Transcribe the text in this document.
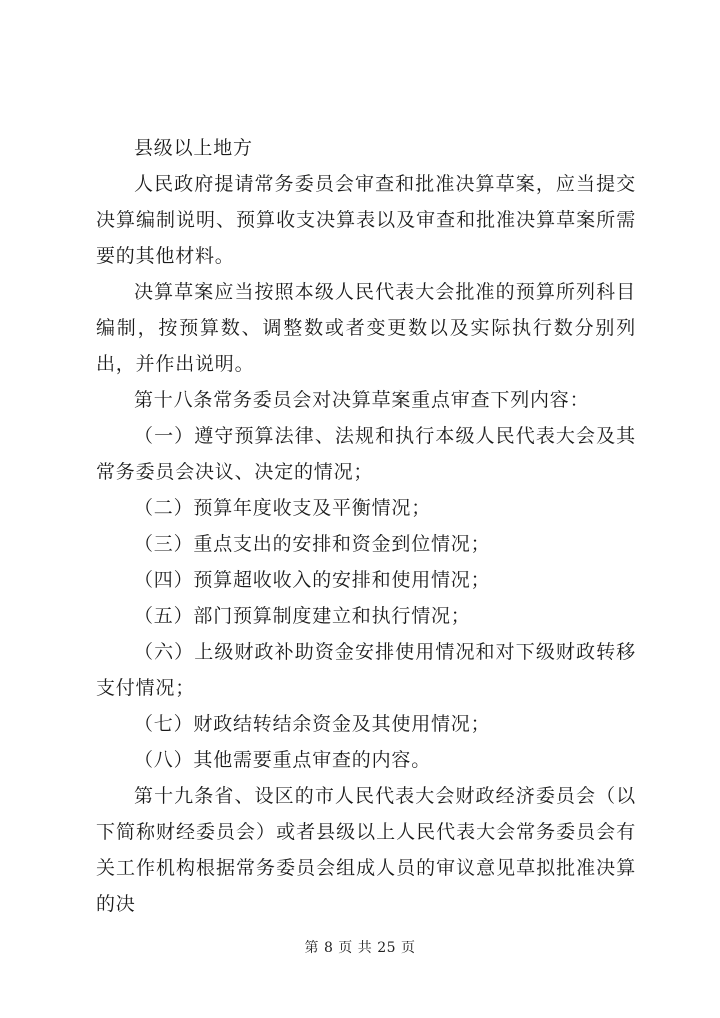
县级以上地方

人民政府提请常务委员会审查和批准决算草案，应当提交决算编制说明、预算收支决算表以及审查和批准决算草案所需要的其他材料。

决算草案应当按照本级人民代表大会批准的预算所列科目编制，按预算数、调整数或者变更数以及实际执行数分别列出，并作出说明。

第十八条常务委员会对决算草案重点审查下列内容：

（一）遵守预算法律、法规和执行本级人民代表大会及其常务委员会决议、决定的情况；

（二）预算年度收支及平衡情况；

（三）重点支出的安排和资金到位情况；

（四）预算超收收入的安排和使用情况；

（五）部门预算制度建立和执行情况；

（六）上级财政补助资金安排使用情况和对下级财政转移支付情况；

（七）财政结转结余资金及其使用情况；

（八）其他需要重点审查的内容。

第十九条省、设区的市人民代表大会财政经济委员会（以下简称财经委员会）或者县级以上人民代表大会常务委员会有关工作机构根据常务委员会组成人员的审议意见草拟批准决算的决

第 8 页 共 25 页
